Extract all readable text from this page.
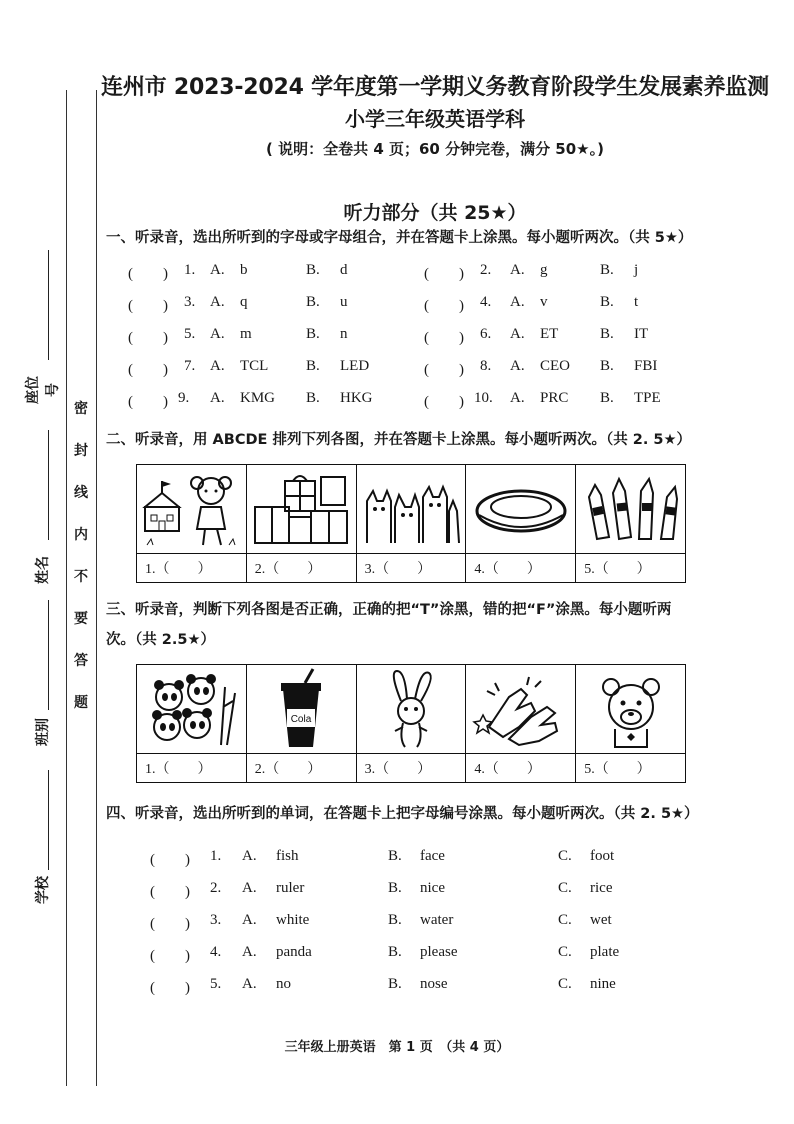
座位号
姓名
班别
学校
密
封
线
内
不
要
答
题
连州市 2023-2024 学年度第一学期义务教育阶段学生发展素养监测
小学三年级英语学科
( 说明：全卷共 4 页；60 分钟完卷，满分 50★。)
听力部分（共 25★）
一、听录音，选出所听到的字母或字母组合，并在答题卡上涂黑。每小题听两次。（共 5★）
(　　) 1. A. b	B. d	(　　) 2. A. g	B. j
(　　) 3. A. q	B. u	(　　) 4. A. v	B. t
(　　) 5. A. m	B. n	(　　) 6. A. ET	B. IT
(　　) 7. A. TCL	B. LED	(　　) 8. A. CEO B. FBI
(　　) 9. A. KMG B. HKG	(　　) 10. A. PRC B. TPE
二、听录音，用 ABCDE 排列下列各图，并在答题卡上涂黑。每小题听两次。（共 2. 5★）

1.（　　）	2.（　　）	3.（　　）	4.（　　）	5.（　　）
三、听录音，判断下列各图是否正确，正确的把“T”涂黑，错的把“F”涂黑。每小题听两
次。（共 2.5★）

Cola

1.（　　）	2.（　　）	3.（　　）	4.（　　）	5.（　　）
四、听录音，选出所听到的单词，在答题卡上把字母编号涂黑。每小题听两次。（共 2. 5★）
(　　) 1. A. fish	B. face	C. foot
(　　) 2. A. ruler	B. nice	C. rice
(　　) 3. A. white	B. water	C. wet
(　　) 4. A. panda	B. please	C. plate
(　　) 5. A. no	B. nose	C. nine
三年级上册英语　第 1 页　（共 4 页）
